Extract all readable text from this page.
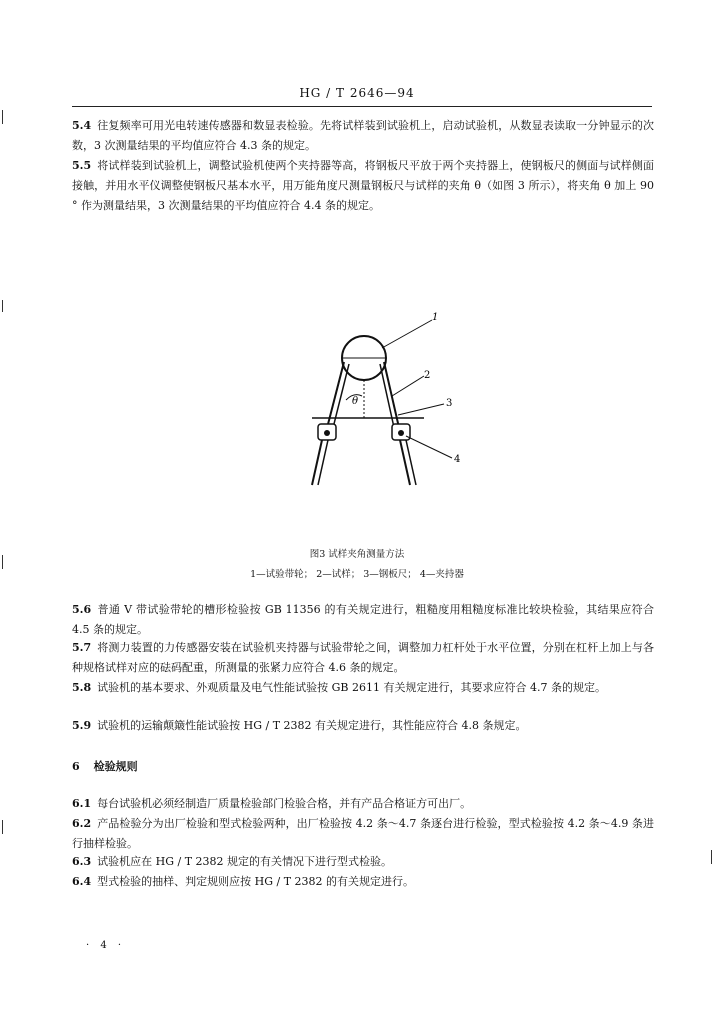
HG / T 2646—94
5.4 往复频率可用光电转速传感器和数显表检验。先将试样装到试验机上，启动试验机，从数显表读取一分钟显示的次数，3 次测量结果的平均值应符合 4.3 条的规定。
5.5 将试样装到试验机上，调整试验机使两个夹持器等高，将钢板尺平放于两个夹持器上，使钢板尺的侧面与试样侧面接触，并用水平仪调整使钢板尺基本水平，用万能角度尺测量钢板尺与试样的夹角 θ（如图 3 所示），将夹角 θ 加上 90 ° 作为测量结果，3 次测量结果的平均值应符合 4.4 条的规定。
θ
1
2
3
4
图3 试样夹角测量方法
1—试验带轮； 2—试样； 3—钢板尺； 4—夹持器
5.6 普通 V 带试验带轮的槽形检验按 GB 11356 的有关规定进行，粗糙度用粗糙度标准比较块检验，其结果应符合 4.5 条的规定。
5.7 将测力装置的力传感器安装在试验机夹持器与试验带轮之间，调整加力杠杆处于水平位置，分别在杠杆上加上与各种规格试样对应的砝码配重，所测量的张紧力应符合 4.6 条的规定。
5.8 试验机的基本要求、外观质量及电气性能试验按 GB 2611 有关规定进行，其要求应符合 4.7 条的规定。
5.9 试验机的运输颠簸性能试验按 HG / T 2382 有关规定进行，其性能应符合 4.8 条规定。
6 检验规则
6.1 每台试验机必须经制造厂质量检验部门检验合格，并有产品合格证方可出厂。
6.2 产品检验分为出厂检验和型式检验两种，出厂检验按 4.2 条～4.7 条逐台进行检验，型式检验按 4.2 条～4.9 条进行抽样检验。
6.3 试验机应在 HG / T 2382 规定的有关情况下进行型式检验。
6.4 型式检验的抽样、判定规则应按 HG / T 2382 的有关规定进行。
· 4 ·
